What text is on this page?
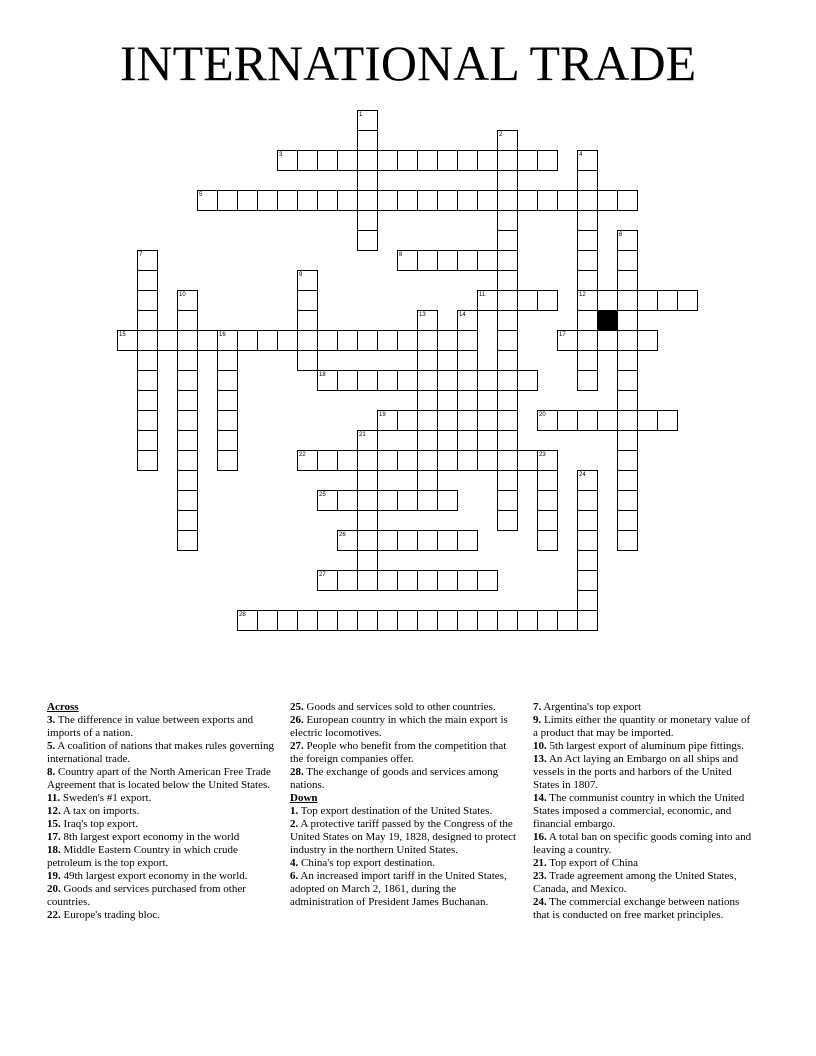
INTERNATIONAL TRADE
1
2
3	4
5
6
7	8
9
10	11	12
13	14
15	16	17
18
19	20
21
22	23
24
25
26
27
28

Across

3. The difference in value between exports and imports of a nation.

5. A coalition of nations that makes rules governing international trade.

8. Country apart of the North American Free Trade Agreement that is located below the United States.

11. Sweden's #1 export.

12. A tax on imports.

15. Iraq's top export.

17. 8th largest export economy in the world

18. Middle Eastern Country in which crude petroleum is the top export.

19. 49th largest export economy in the world.

20. Goods and services purchased from other countries.

22. Europe's trading bloc.

25. Goods and services sold to other countries.

26. European country in which the main export is electric locomotives.

27. People who benefit from the competition that the foreign companies offer.

28. The exchange of goods and services among nations.

Down

1. Top export destination of the United States.

2. A protective tariff passed by the Congress of the United States on May 19, 1828, designed to protect industry in the northern United States.

4. China's top export destination.

6. An increased import tariff in the United States, adopted on March 2, 1861, during the administration of President James Buchanan.

7. Argentina's top export

9. Limits either the quantity or monetary value of a product that may be imported.

10. 5th largest export of aluminum pipe fittings.

13. An Act laying an Embargo on all ships and vessels in the ports and harbors of the United States in 1807.

14. The communist country in which the United States imposed a commercial, economic, and financial embargo.

16. A total ban on specific goods coming into and leaving a country.

21. Top export of China

23. Trade agreement among the United States, Canada, and Mexico.

24. The commercial exchange between nations that is conducted on free market principles.
